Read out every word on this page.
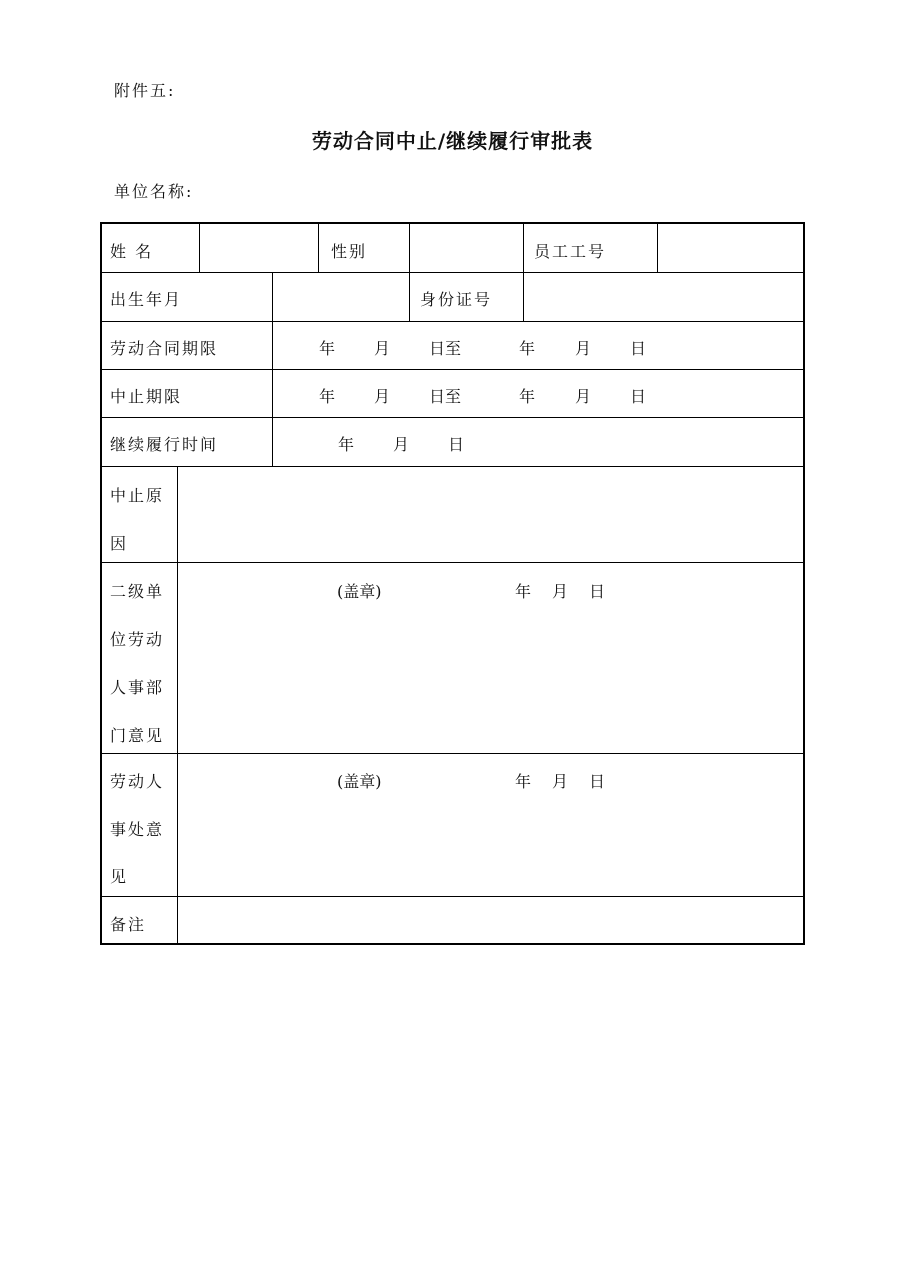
附件五:
劳动合同中止/继续履行审批表
单位名称:
姓 名	性别	员工工号
出生年月	身份证号
劳动合同期限	年 月 日至	年 月 日
中止期限	年 月 日至	年 月 日
继续履行时间	年 月 日
中止原
因
二级单
位劳动
人事部
门意见
(盖章)	年 月 日
劳动人
事处意
见
(盖章)	年 月 日
备注
